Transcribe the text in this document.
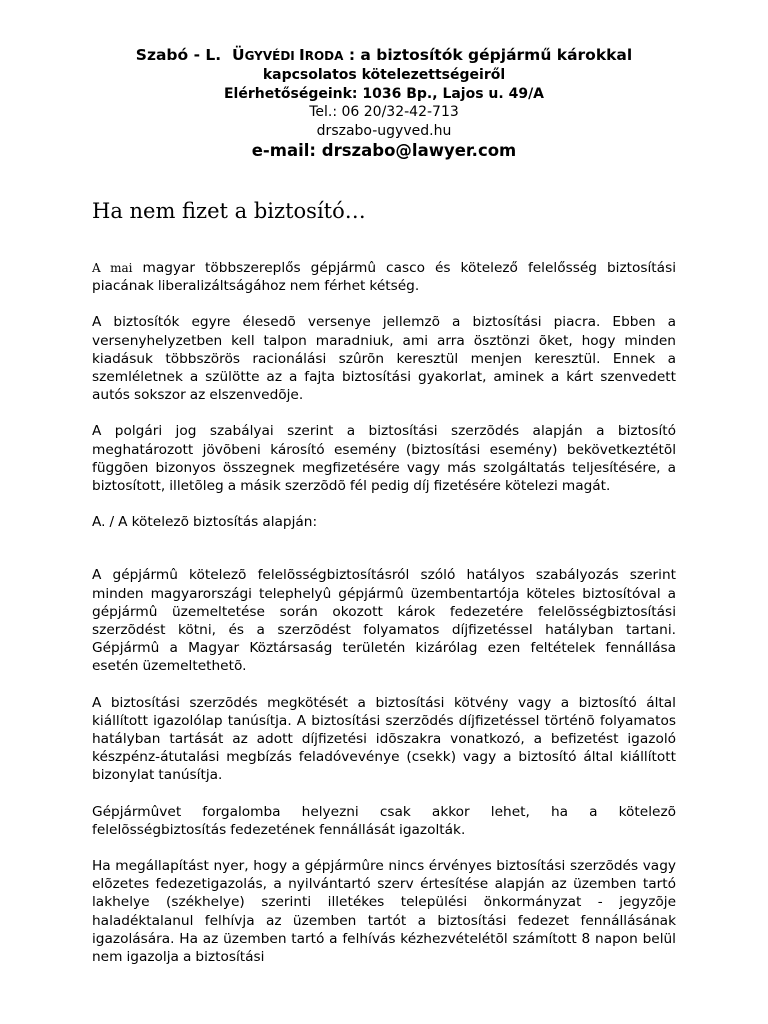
Szabó - L. ÜGYVÉDI IRODA : a biztosítók gépjármű károkkal
kapcsolatos kötelezettségeiről
Elérhetőségeink: 1036 Bp., Lajos u. 49/A
Tel.: 06 20/32-42-713
drszabo-ugyved.hu
e-mail: drszabo@lawyer.com
Ha nem fizet a biztosító…

A mai magyar többszereplős gépjármû casco és kötelező felelősség biztosítási piacának liberalizáltságához nem férhet kétség.

A biztosítók egyre élesedõ versenye jellemzõ a biztosítási piacra. Ebben a versenyhelyzetben kell talpon maradniuk, ami arra ösztönzi õket, hogy minden kiadásuk többszörös racionálási szûrõn keresztül menjen keresztül. Ennek a szemléletnek a szülötte az a fajta biztosítási gyakorlat, aminek a kárt szenvedett autós sokszor az elszenvedõje.

A polgári jog szabályai szerint a biztosítási szerzõdés alapján a biztosító meghatározott jövõbeni károsító esemény (biztosítási esemény) bekövetkeztétõl függõen bizonyos összegnek megfizetésére vagy más szolgáltatás teljesítésére, a biztosított, illetõleg a másik szerzõdõ fél pedig díj fizetésére kötelezi magát.

A. / A kötelezõ biztosítás alapján:

A gépjármû kötelezõ felelõsségbiztosításról szóló hatályos szabályozás szerint minden magyarországi telephelyû gépjármû üzembentartója köteles biztosítóval a gépjármû üzemeltetése során okozott károk fedezetére felelõsségbiztosítási szerzõdést kötni, és a szerzõdést folyamatos díjfizetéssel hatályban tartani. Gépjármû a Magyar Köztársaság területén kizárólag ezen feltételek fennállása esetén üzemeltethetõ.

A biztosítási szerzõdés megkötését a biztosítási kötvény vagy a biztosító által kiállított igazolólap tanúsítja. A biztosítási szerzõdés díjfizetéssel történõ folyamatos hatályban tartását az adott díjfizetési idõszakra vonatkozó, a befizetést igazoló készpénz-átutalási megbízás feladóvevénye (csekk) vagy a biztosító által kiállított bizonylat tanúsítja.

Gépjármûvet forgalomba helyezni csak akkor lehet, ha a kötelezõ felelõsségbiztosítás fedezetének fennállását igazolták.

Ha megállapítást nyer, hogy a gépjármûre nincs érvényes biztosítási szerzõdés vagy elõzetes fedezetigazolás, a nyilvántartó szerv értesítése alapján az üzemben tartó lakhelye (székhelye) szerinti illetékes települési önkormányzat - jegyzõje haladéktalanul felhívja az üzemben tartót a biztosítási fedezet fennállásának igazolására. Ha az üzemben tartó a felhívás kézhezvételétõl számított 8 napon belül nem igazolja a biztosítási
